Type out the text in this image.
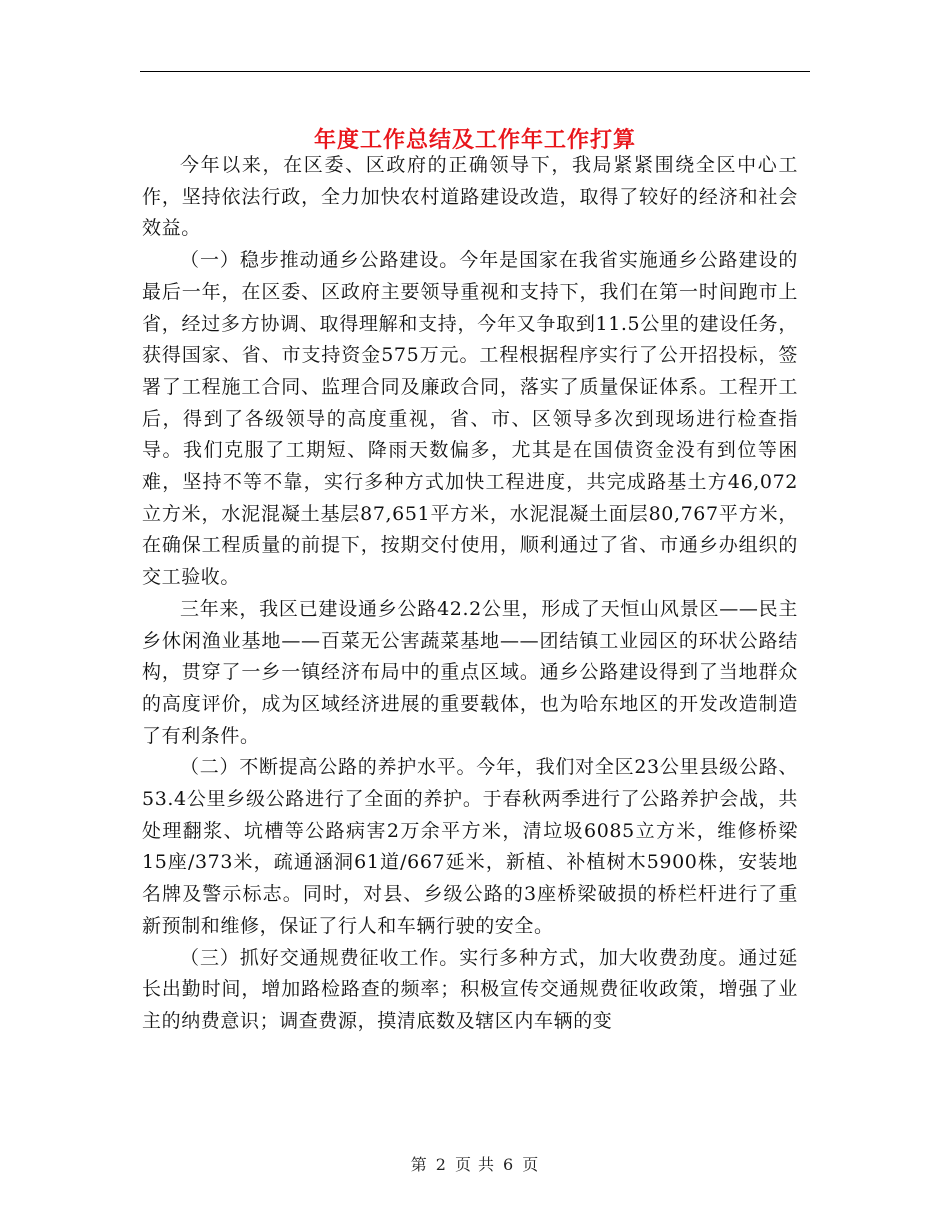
年度工作总结及工作年工作打算

今年以来，在区委、区政府的正确领导下，我局紧紧围绕全区中心工作，坚持依法行政，全力加快农村道路建设改造，取得了较好的经济和社会效益。

（一）稳步推动通乡公路建设。今年是国家在我省实施通乡公路建设的最后一年，在区委、区政府主要领导重视和支持下，我们在第一时间跑市上省，经过多方协调、取得理解和支持，今年又争取到11.5公里的建设任务，获得国家、省、市支持资金575万元。工程根据程序实行了公开招投标，签署了工程施工合同、监理合同及廉政合同，落实了质量保证体系。工程开工后，得到了各级领导的高度重视，省、市、区领导多次到现场进行检查指导。我们克服了工期短、降雨天数偏多，尤其是在国债资金没有到位等困难，坚持不等不靠，实行多种方式加快工程进度，共完成路基土方46,072立方米，水泥混凝土基层87,651平方米，水泥混凝土面层80,767平方米，在确保工程质量的前提下，按期交付使用，顺利通过了省、市通乡办组织的交工验收。

三年来，我区已建设通乡公路42.2公里，形成了天恒山风景区——民主乡休闲渔业基地——百菜无公害蔬菜基地——团结镇工业园区的环状公路结构，贯穿了一乡一镇经济布局中的重点区域。通乡公路建设得到了当地群众的高度评价，成为区域经济进展的重要载体，也为哈东地区的开发改造制造了有利条件。

（二）不断提高公路的养护水平。今年，我们对全区23公里县级公路、53.4公里乡级公路进行了全面的养护。于春秋两季进行了公路养护会战，共处理翻浆、坑槽等公路病害2万余平方米，清垃圾6085立方米，维修桥梁15座/373米，疏通涵洞61道/667延米，新植、补植树木5900株，安装地名牌及警示标志。同时，对县、乡级公路的3座桥梁破损的桥栏杆进行了重新预制和维修，保证了行人和车辆行驶的安全。

（三）抓好交通规费征收工作。实行多种方式，加大收费劲度。通过延长出勤时间，增加路检路查的频率；积极宣传交通规费征收政策，增强了业主的纳费意识；调查费源，摸清底数及辖区内车辆的变

第 2 页 共 6 页
